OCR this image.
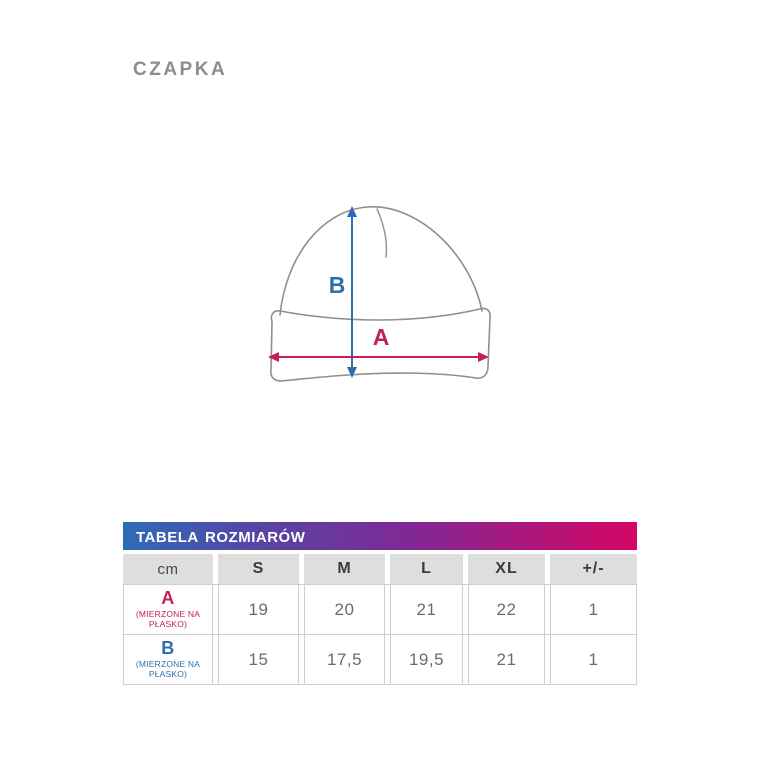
CZAPKA
B
A
tabela rozmiarów
cm	S	M	L	XL	+/-
A
(MIERZONE NA PŁASKO)
19	20	21	22	1
B
(MIERZONE NA PŁASKO)
15	17,5	19,5	21	1
